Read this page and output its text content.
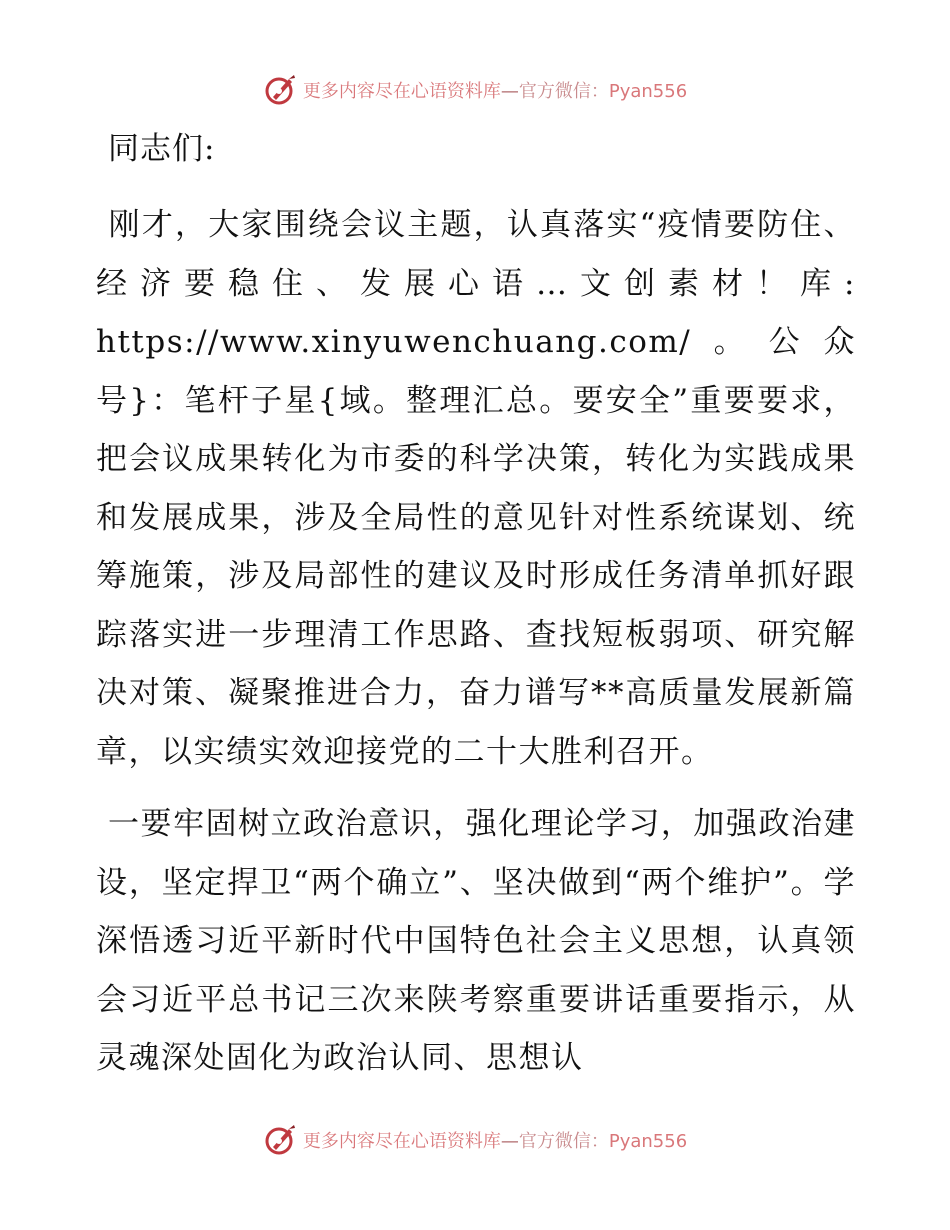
更多内容尽在心语资料库—官方微信：Pyan556
同志们:

刚才，大家围绕会议主题，认真落实“疫情要防住、经济要稳住、发展心语…文创素材！库: https://www.xinyuwenchuang.com/。公众号}：笔杆子星{域。整理汇总。要安全”重要要求，把会议成果转化为市委的科学决策，转化为实践成果和发展成果，涉及全局性的意见针对性系统谋划、统筹施策，涉及局部性的建议及时形成任务清单抓好跟踪落实进一步理清工作思路、查找短板弱项、研究解决对策、凝聚推进合力，奋力谱写**高质量发展新篇章，以实绩实效迎接党的二十大胜利召开。

一要牢固树立政治意识，强化理论学习，加强政治建设，坚定捍卫“两个确立”、坚决做到“两个维护”。学深悟透习近平新时代中国特色社会主义思想，认真领会习近平总书记三次来陕考察重要讲话重要指示，从灵魂深处固化为政治认同、思想认

更多内容尽在心语资料库—官方微信：Pyan556
